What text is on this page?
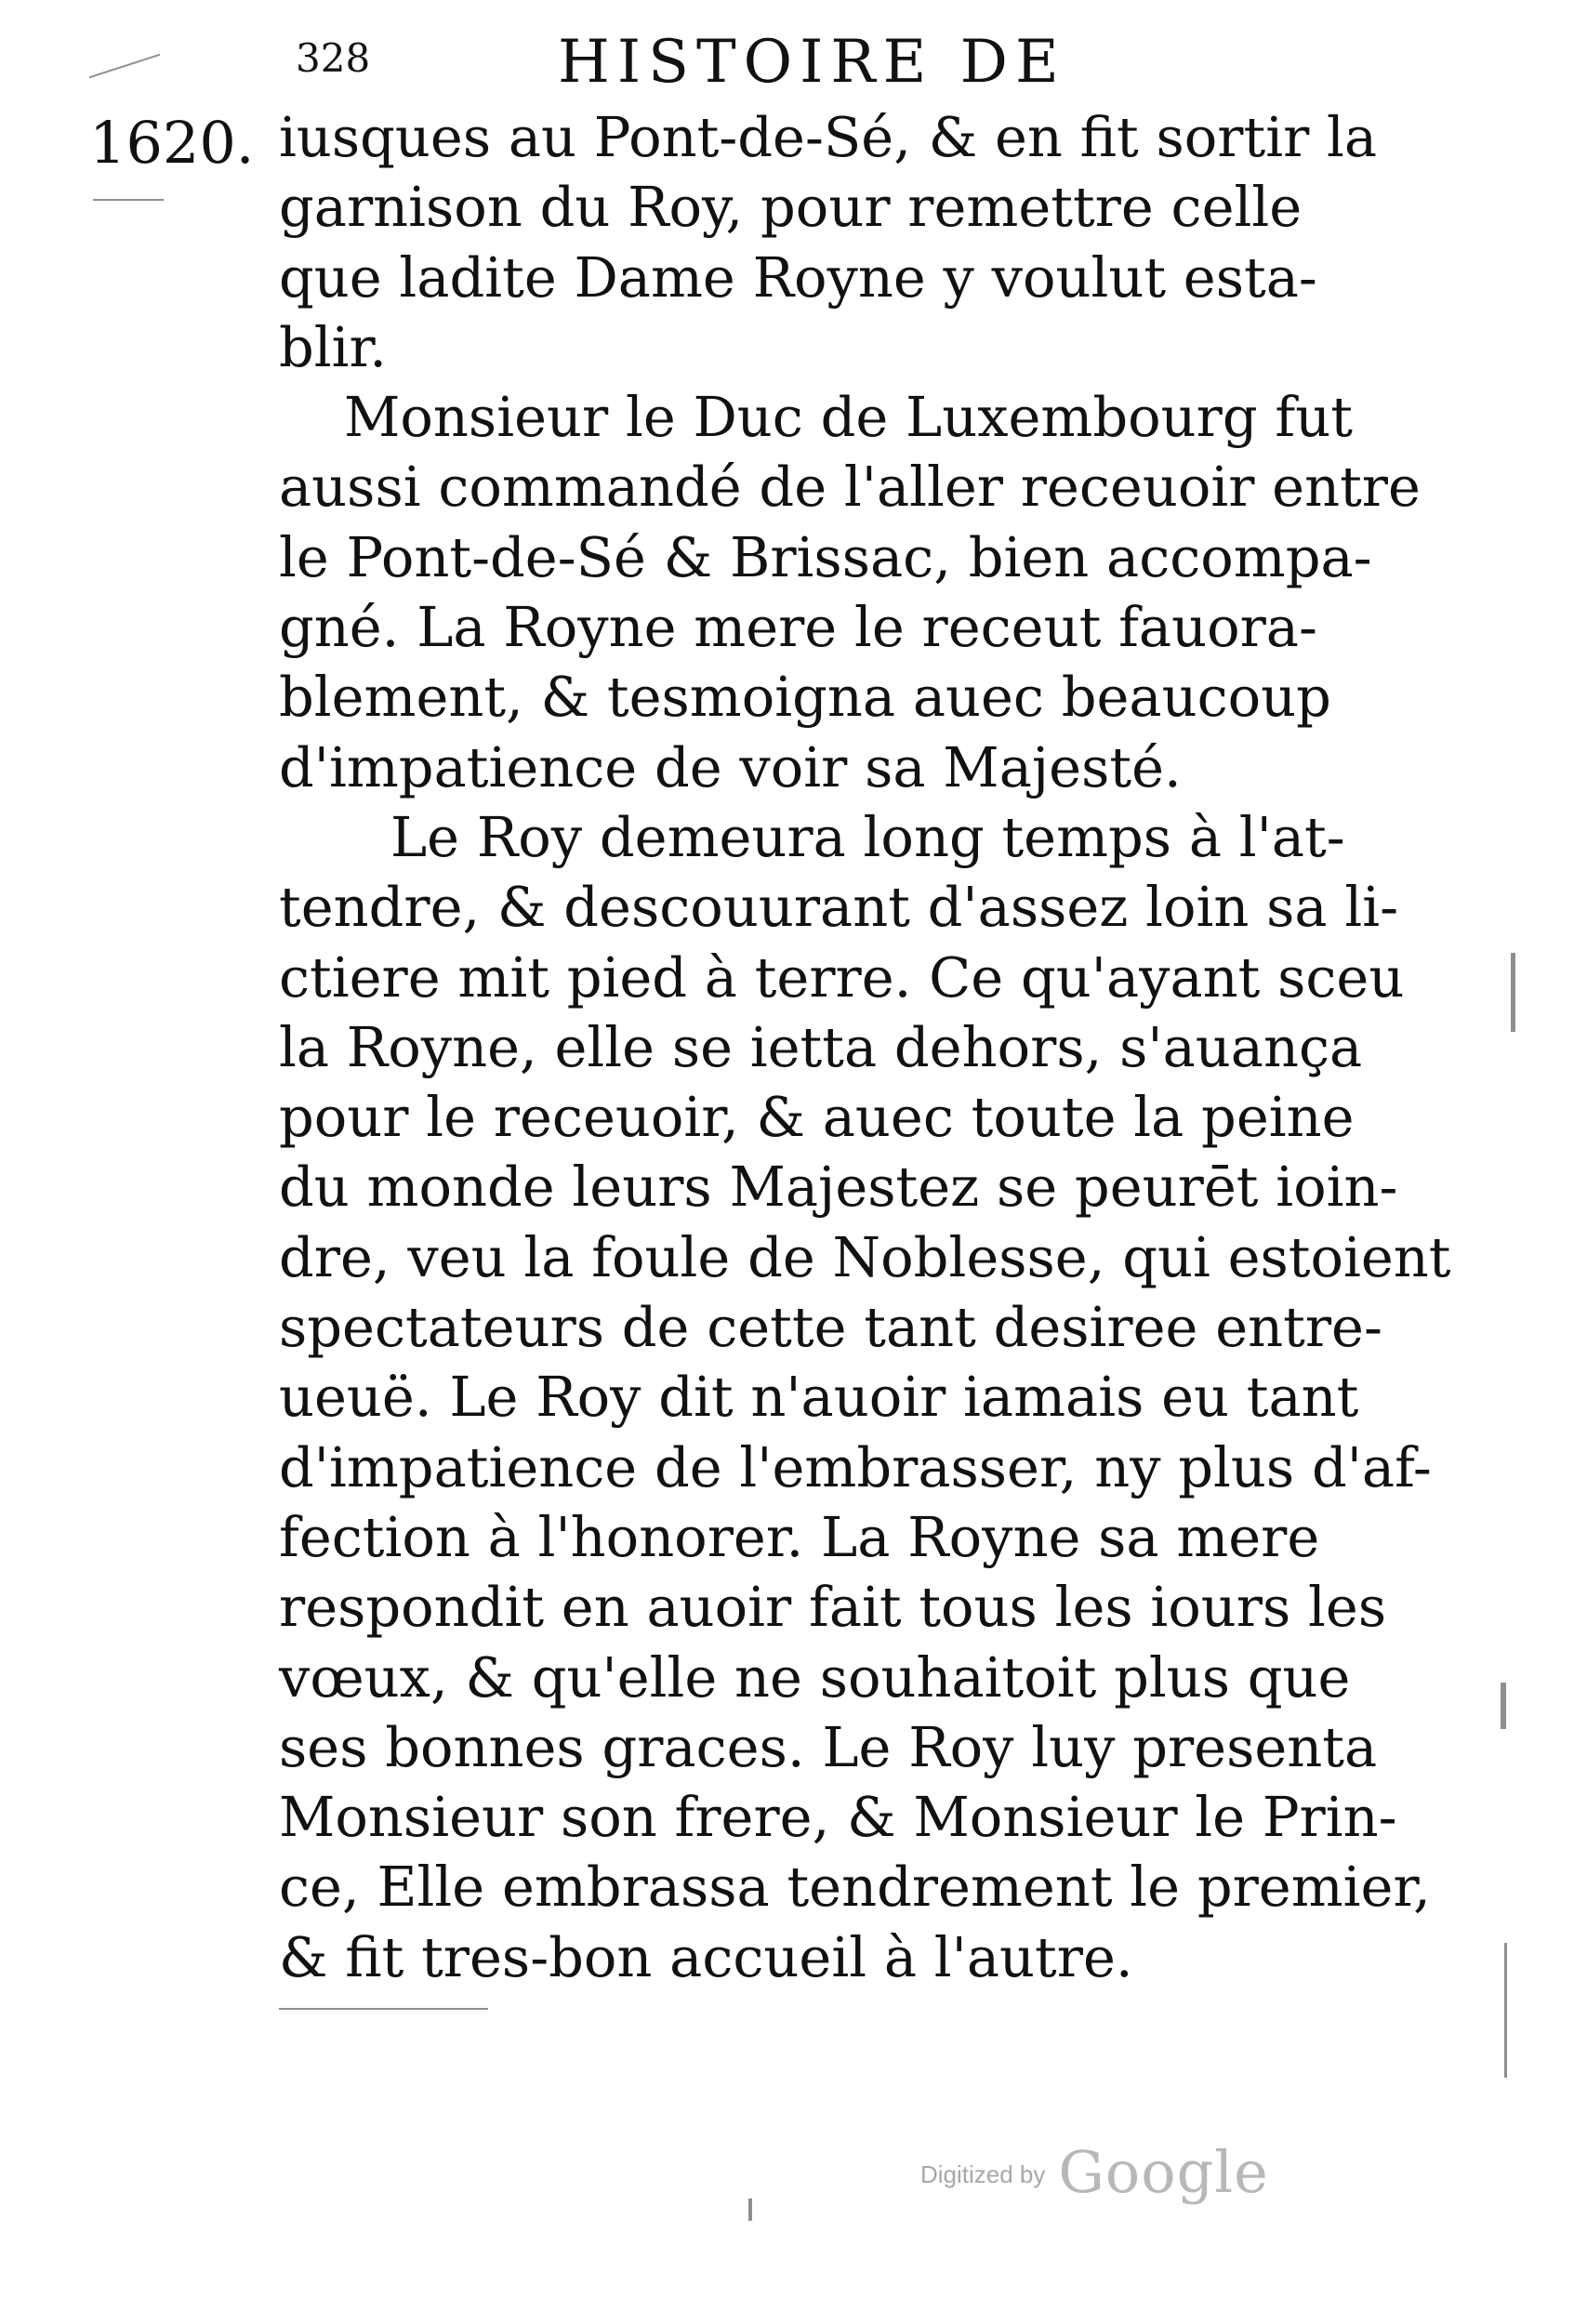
328	HISTOIRE DE
1620. iusques au Pont-de-Sé, & en fit sortir la
garnison du Roy, pour remettre celle
que ladite Dame Royne y voulut esta-
blir.
Monsieur le Duc de Luxembourg fut
aussi commandé de l'aller receuoir entre
le Pont-de-Sé & Brissac, bien accompa-
gné. La Royne mere le receut fauora-
blement, & tesmoigna auec beaucoup
d'impatience de voir sa Majesté.
Le Roy demeura long temps à l'at-
tendre, & descouurant d'assez loin sa li-
ctiere mit pied à terre. Ce qu'ayant sceu
la Royne, elle se ietta dehors, s'auança
pour le receuoir, & auec toute la peine
du monde leurs Majestez se peurēt ioin-
dre, veu la foule de Noblesse, qui estoient
spectateurs de cette tant desiree entre-
ueuë. Le Roy dit n'auoir iamais eu tant
d'impatience de l'embrasser, ny plus d'af-
fection à l'honorer. La Royne sa mere
respondit en auoir fait tous les iours les
vœux, & qu'elle ne souhaitoit plus que
ses bonnes graces. Le Roy luy presenta
Monsieur son frere, & Monsieur le Prin-
ce, Elle embrassa tendrement le premier,
& fit tres-bon accueil à l'autre.
Digitized by Google
